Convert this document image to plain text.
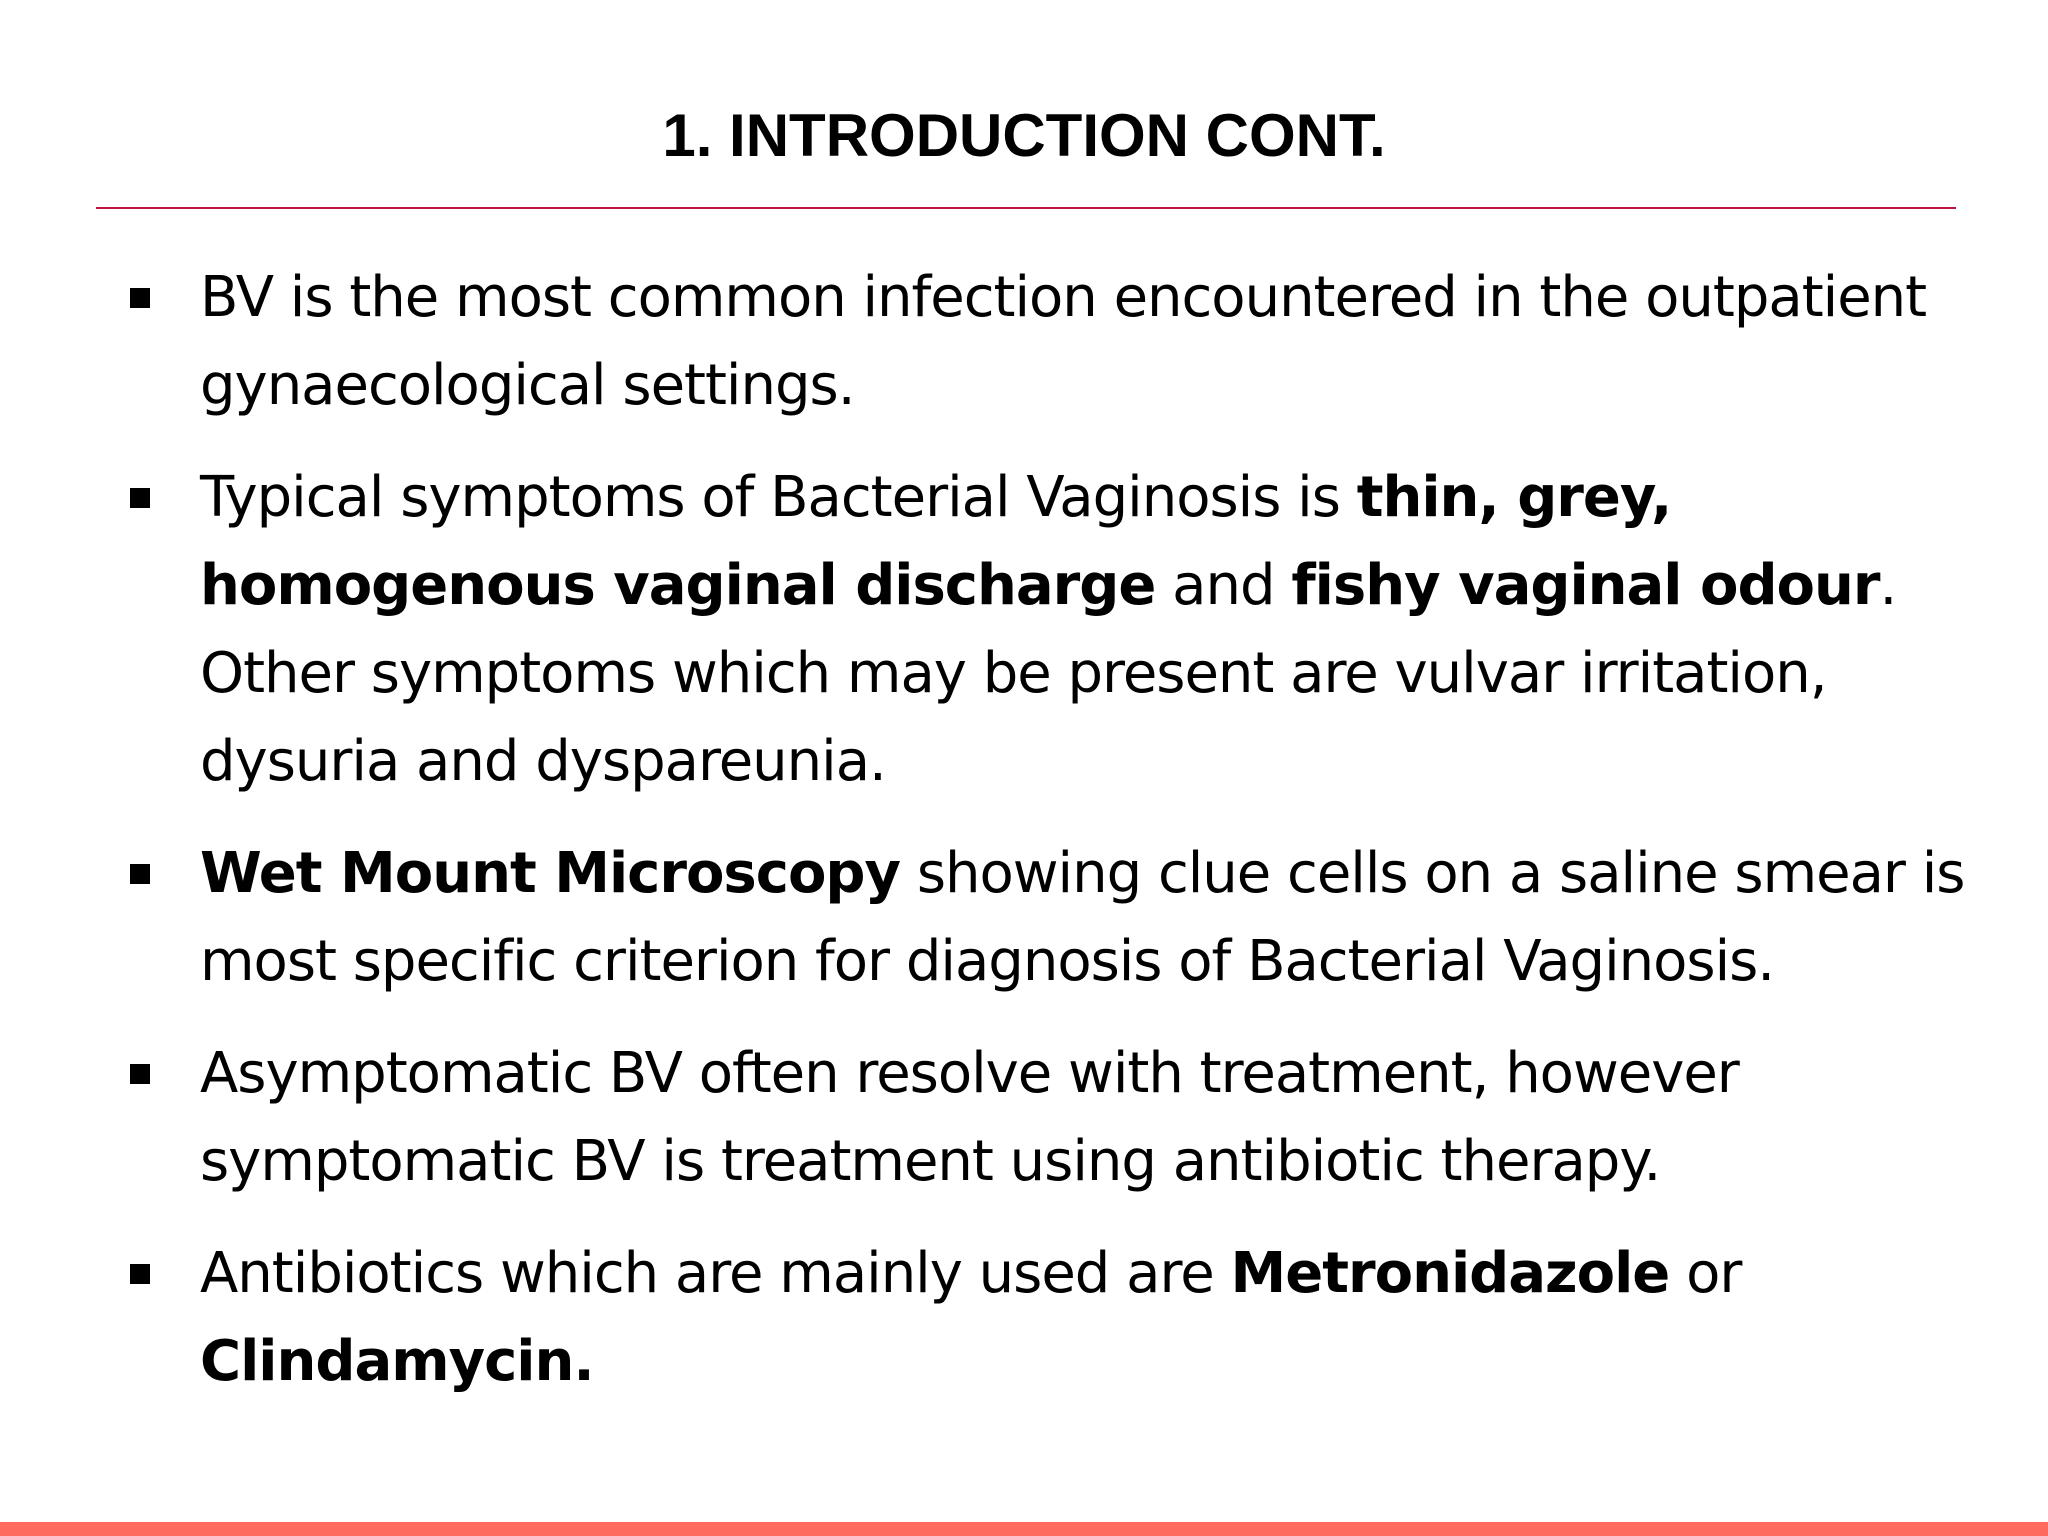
1. INTRODUCTION CONT.
BV is the most common infection encountered in the outpatient gynaecological settings.
Typical symptoms of Bacterial Vaginosis is thin, grey, homogenous vaginal discharge and fishy vaginal odour. Other symptoms which may be present are vulvar irritation, dysuria and dyspareunia.
Wet Mount Microscopy showing clue cells on a saline smear is most specific criterion for diagnosis of Bacterial Vaginosis.
Asymptomatic BV often resolve with treatment, however symptomatic BV is treatment using antibiotic therapy.
Antibiotics which are mainly used are Metronidazole or Clindamycin.
